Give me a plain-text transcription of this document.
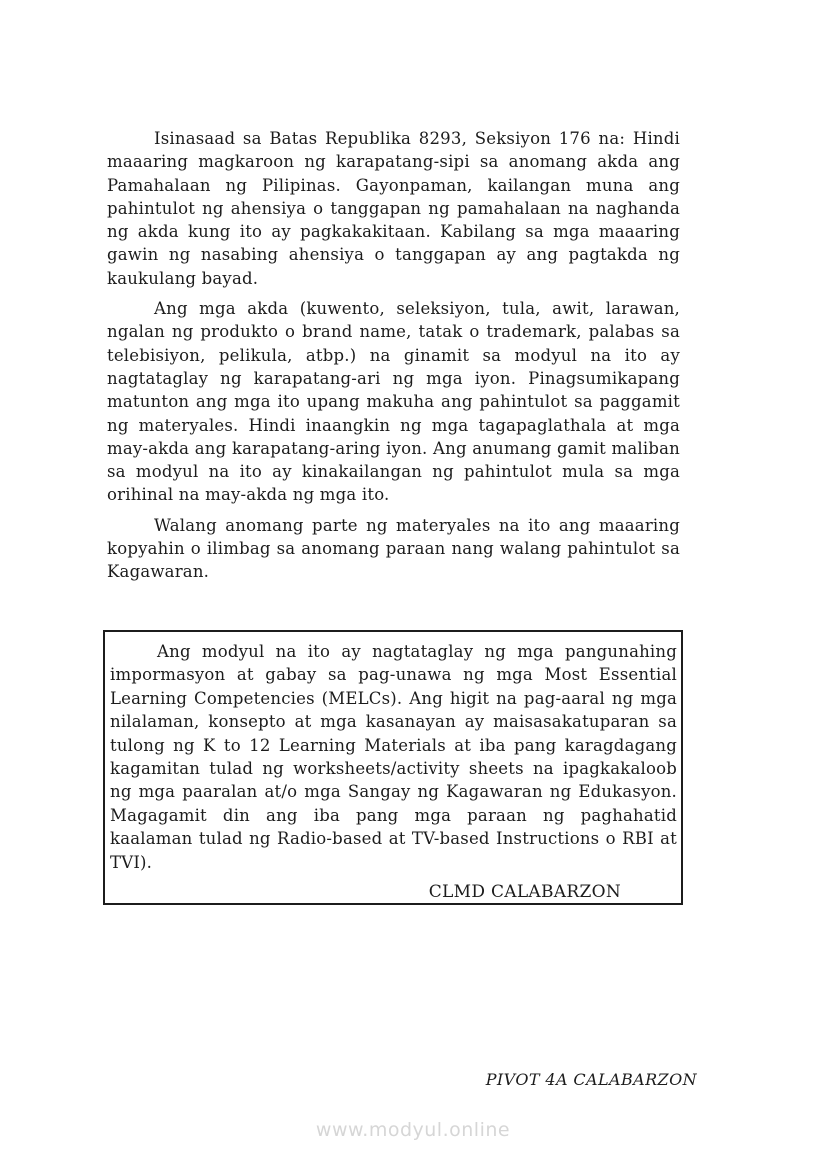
Isinasaad sa Batas Republika 8293, Seksiyon 176 na: Hindi maaaring magkaroon ng karapatang-sipi sa anomang akda ang Pamahalaan ng Pilipinas. Gayonpaman, kailangan muna ang pahintulot ng ahensiya o tanggapan ng pamahalaan na naghanda ng akda kung ito ay pagkakakitaan. Kabilang sa mga maaaring gawin ng nasabing ahensiya o tanggapan ay ang pagtakda ng kaukulang bayad.

Ang mga akda (kuwento, seleksiyon, tula, awit, larawan, ngalan ng produkto o brand name, tatak o trademark, palabas sa telebisiyon, pelikula, atbp.) na ginamit sa modyul na ito ay nagtataglay ng karapatang-ari ng mga iyon. Pinagsumikapang matunton ang mga ito upang makuha ang pahintulot sa paggamit ng materyales. Hindi inaangkin ng mga tagapaglathala at mga may-akda ang karapatang-aring iyon. Ang anumang gamit maliban sa modyul na ito ay kinakailangan ng pahintulot mula sa mga orihinal na may-akda ng mga ito.

Walang anomang parte ng materyales na ito ang maaaring kopyahin o ilimbag sa anomang paraan nang walang pahintulot sa Kagawaran.

Ang modyul na ito ay nagtataglay ng mga pangunahing impormasyon at gabay sa pag-unawa ng mga Most Essential Learning Competencies (MELCs). Ang higit na pag-aaral ng mga nilalaman, konsepto at mga kasanayan ay maisasakatuparan sa tulong ng K to 12 Learning Materials at iba pang karagdagang kagamitan tulad ng worksheets/activity sheets na ipagkakaloob ng mga paaralan at/o mga Sangay ng Kagawaran ng Edukasyon. Magagamit din ang iba pang mga paraan ng paghahatid kaalaman tulad ng Radio-based at TV-based Instructions o RBI at TVI).

CLMD CALABARZON

PIVOT 4A CALABARZON
www.modyul.online
